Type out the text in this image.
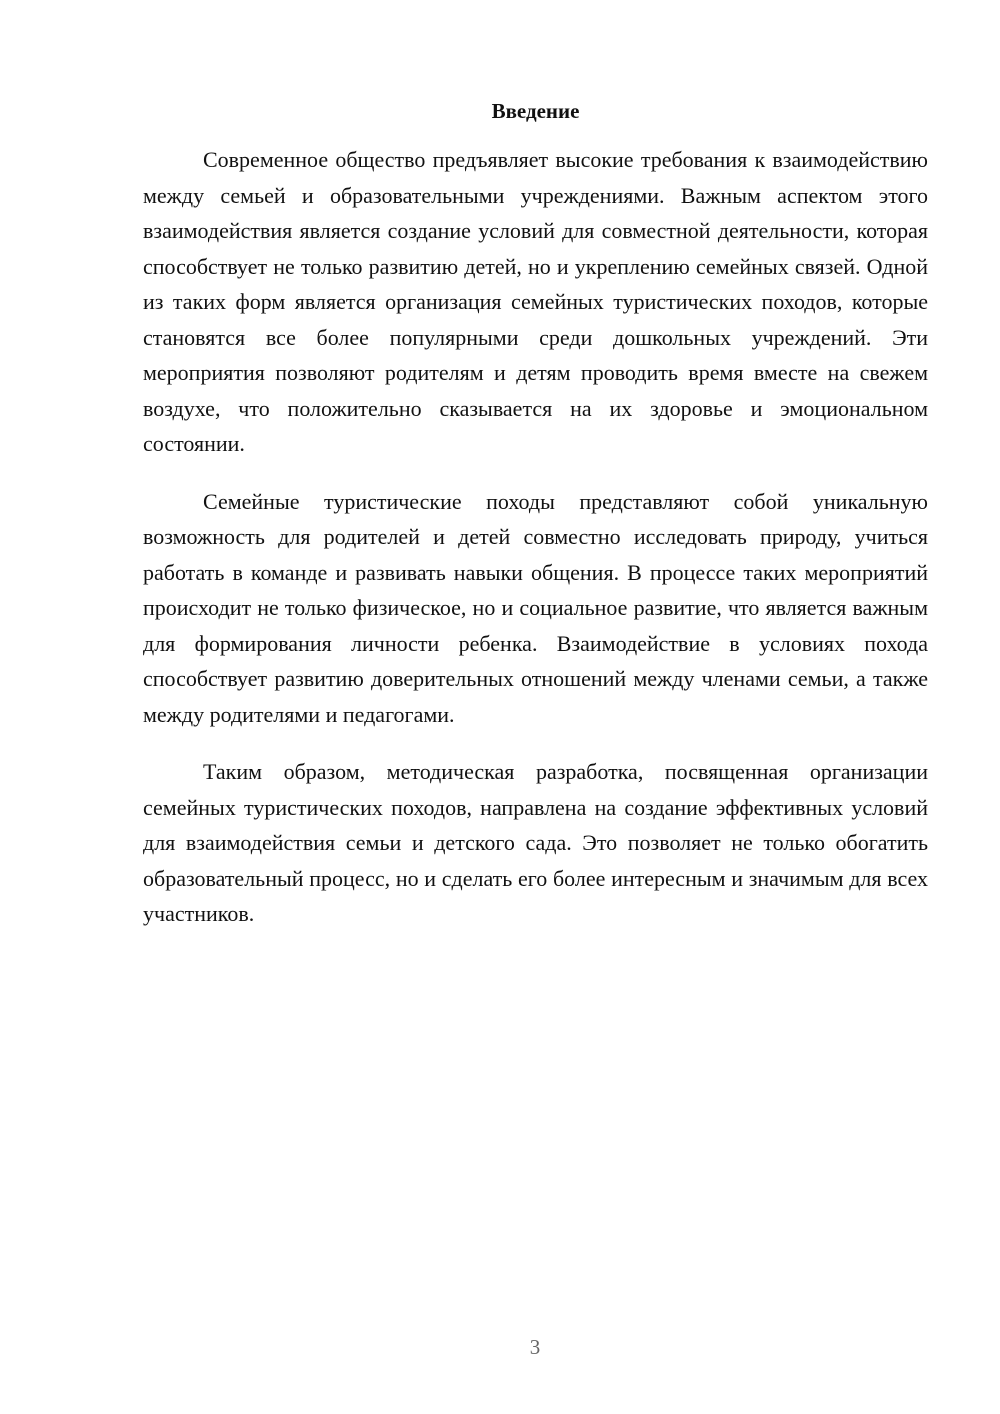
Введение

Современное общество предъявляет высокие требования к взаимодействию между семьей и образовательными учреждениями. Важным аспектом этого взаимодействия является создание условий для совместной деятельности, которая способствует не только развитию детей, но и укреплению семейных связей. Одной из таких форм является организация семейных туристических походов, которые становятся все более популярными среди дошкольных учреждений. Эти мероприятия позволяют родителям и детям проводить время вместе на свежем воздухе, что положительно сказывается на их здоровье и эмоциональном состоянии.

Семейные туристические походы представляют собой уникальную возможность для родителей и детей совместно исследовать природу, учиться работать в команде и развивать навыки общения. В процессе таких мероприятий происходит не только физическое, но и социальное развитие, что является важным для формирования личности ребенка. Взаимодействие в условиях похода способствует развитию доверительных отношений между членами семьи, а также между родителями и педагогами.

Таким образом, методическая разработка, посвященная организации семейных туристических походов, направлена на создание эффективных условий для взаимодействия семьи и детского сада. Это позволяет не только обогатить образовательный процесс, но и сделать его более интересным и значимым для всех участников.

3
